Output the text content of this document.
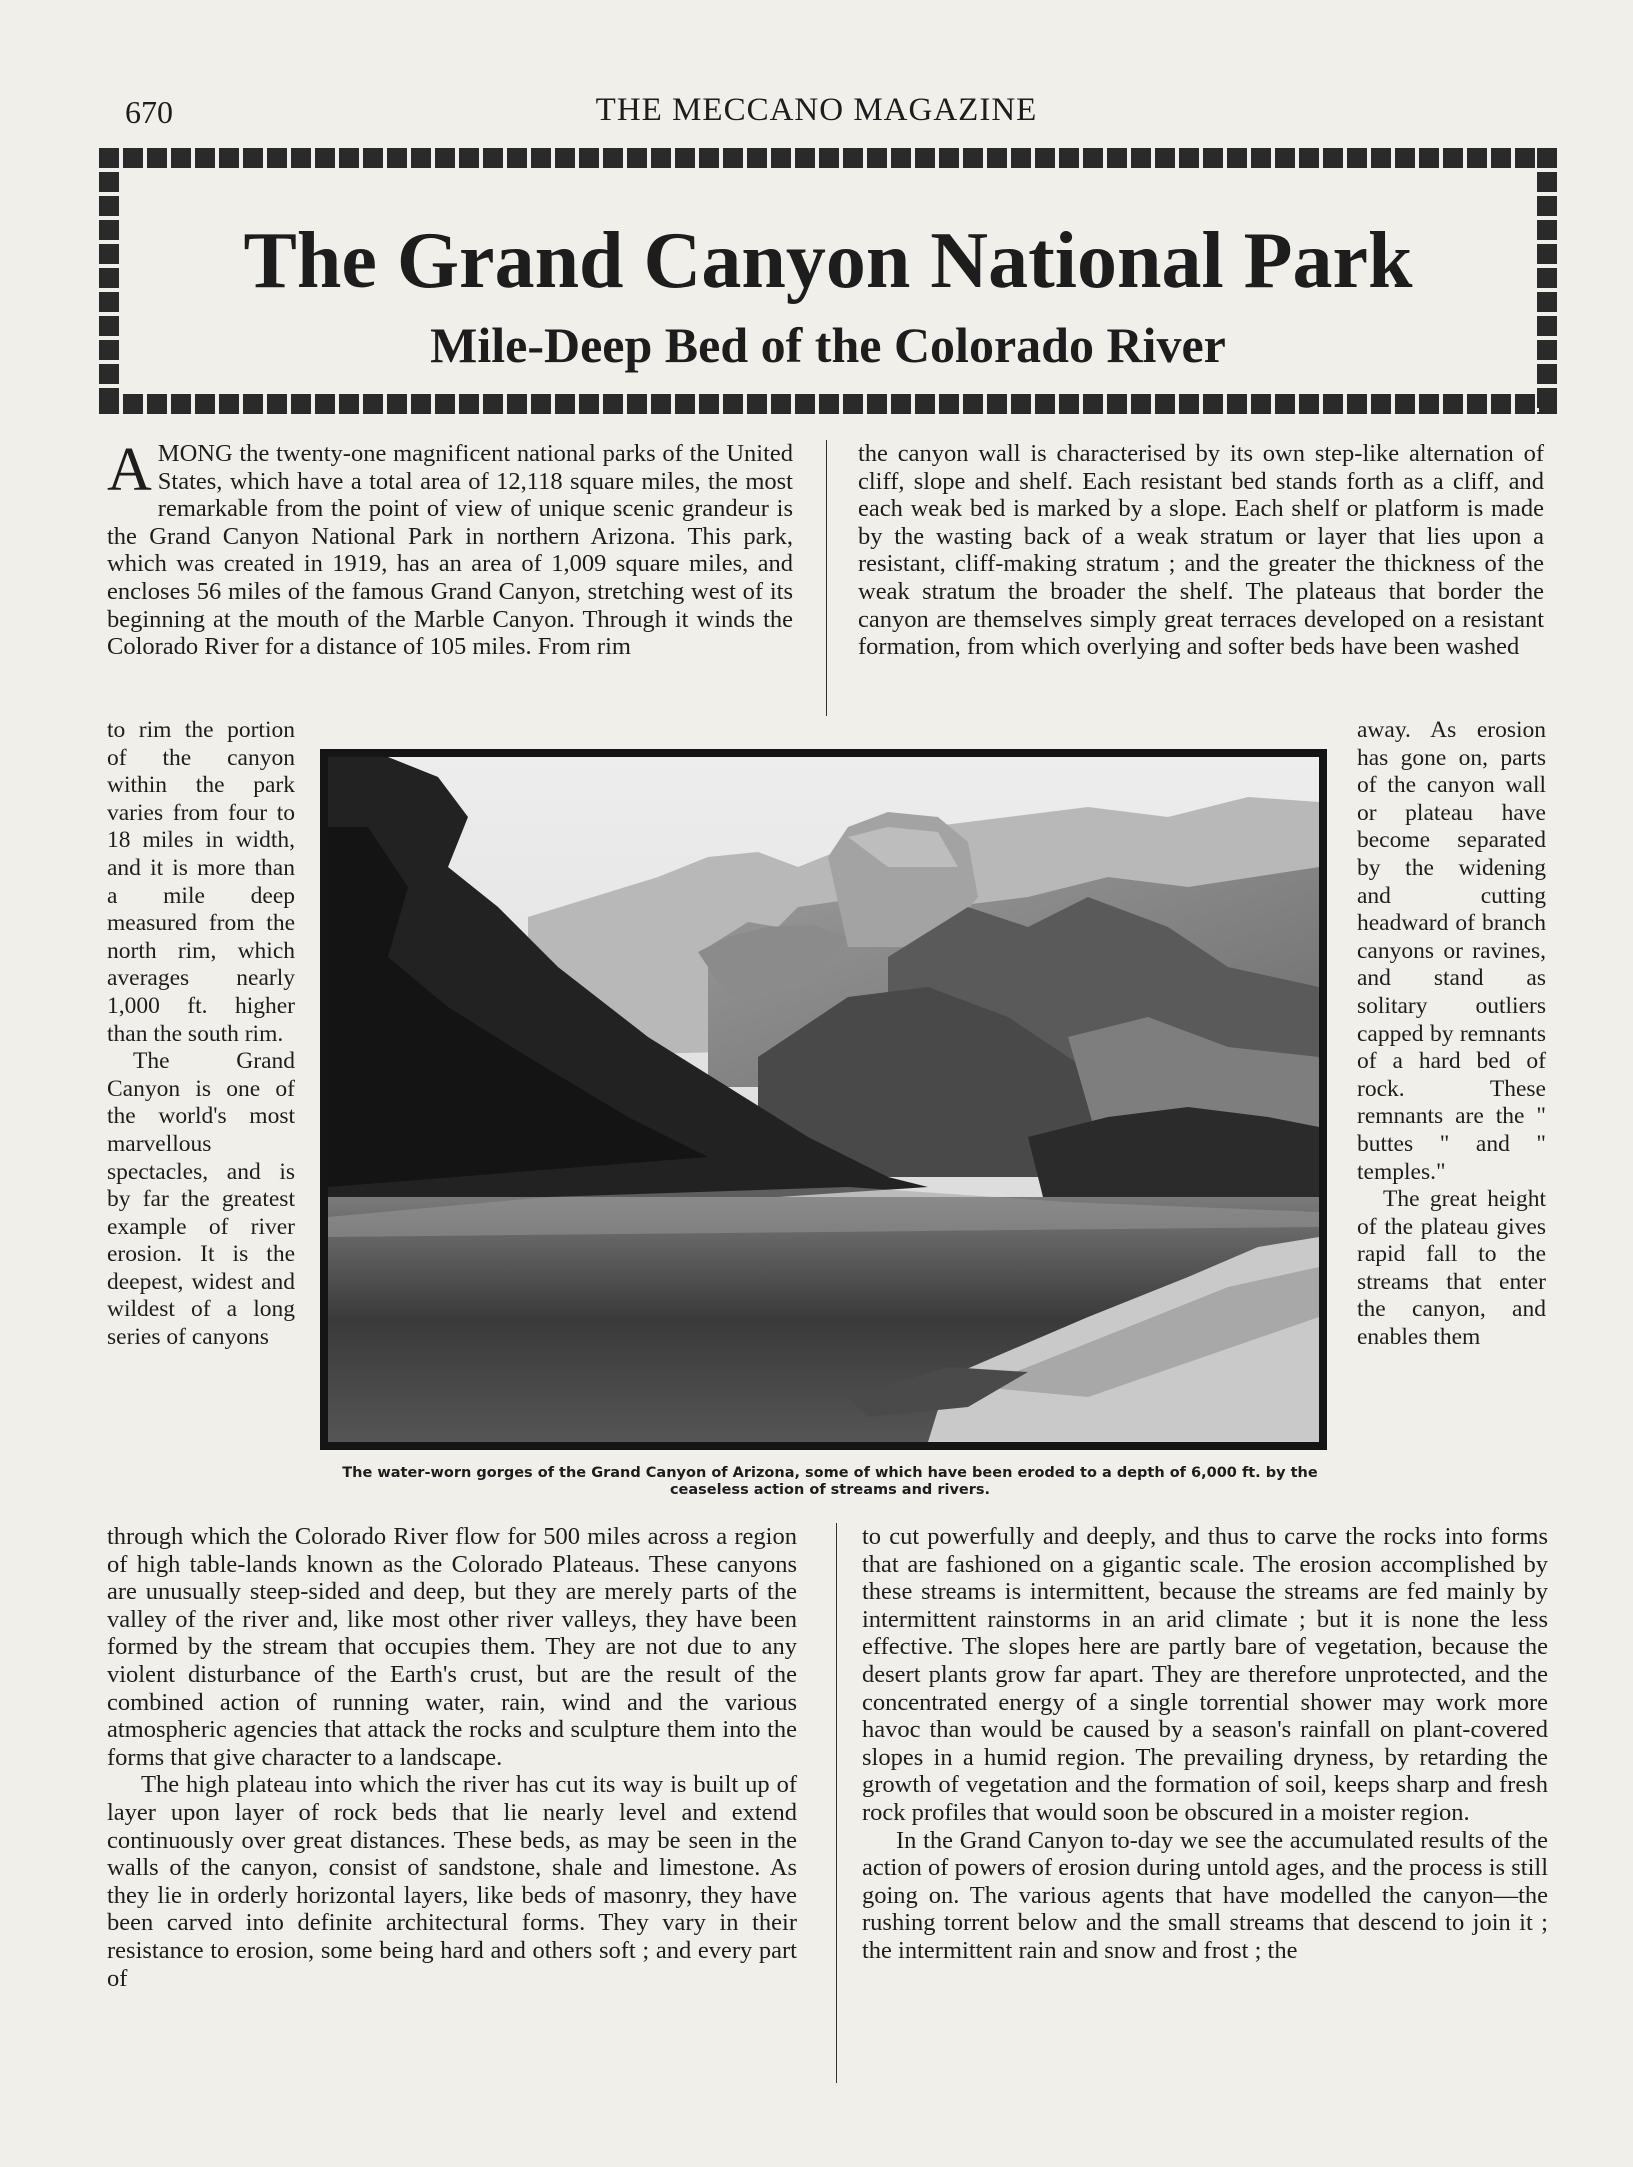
670	THE MECCANO MAGAZINE
The Grand Canyon National Park
Mile-Deep Bed of the Colorado River
AMONG the twenty-one magnificent national parks of the United States, which have a total area of 12,118 square miles, the most remarkable from the point of view of unique scenic grandeur is the Grand Canyon National Park in northern Arizona. This park, which was created in 1919, has an area of 1,009 square miles, and encloses 56 miles of the famous Grand Canyon, stretching west of its beginning at the mouth of the Marble Canyon. Through it winds the Colorado River for a distance of 105 miles. From rim

to rim the portion of the canyon within the park varies from four to 18 miles in width, and it is more than a mile deep measured from the north rim, which averages nearly 1,000 ft. higher than the south rim.

The Grand Canyon is one of the world's most marvellous spectacles, and is by far the greatest example of river erosion. It is the deepest, widest and wildest of a long series of canyons

through which the Colorado River flow for 500 miles across a region of high table-lands known as the Colorado Plateaus. These canyons are unusually steep-sided and deep, but they are merely parts of the valley of the river and, like most other river valleys, they have been formed by the stream that occupies them. They are not due to any violent disturbance of the Earth's crust, but are the result of the combined action of running water, rain, wind and the various atmospheric agencies that attack the rocks and sculpture them into the forms that give character to a landscape.

The high plateau into which the river has cut its way is built up of layer upon layer of rock beds that lie nearly level and extend continuously over great distances. These beds, as may be seen in the walls of the canyon, consist of sandstone, shale and limestone. As they lie in orderly horizontal layers, like beds of masonry, they have been carved into definite architectural forms. They vary in their resistance to erosion, some being hard and others soft ; and every part of

the canyon wall is characterised by its own step-like alternation of cliff, slope and shelf. Each resistant bed stands forth as a cliff, and each weak bed is marked by a slope. Each shelf or platform is made by the wasting back of a weak stratum or layer that lies upon a resistant, cliff-making stratum ; and the greater the thickness of the weak stratum the broader the shelf. The plateaus that border the canyon are themselves simply great terraces developed on a resistant formation, from which overlying and softer beds have been washed

away. As erosion has gone on, parts of the canyon wall or plateau have become separated by the widening and cutting headward of branch canyons or ravines, and stand as solitary outliers capped by remnants of a hard bed of rock. These remnants are the " buttes " and " temples."

The great height of the plateau gives rapid fall to the streams that enter the canyon, and enables them

to cut powerfully and deeply, and thus to carve the rocks into forms that are fashioned on a gigantic scale. The erosion accomplished by these streams is intermittent, because the streams are fed mainly by intermittent rainstorms in an arid climate ; but it is none the less effective. The slopes here are partly bare of vegetation, because the desert plants grow far apart. They are therefore unprotected, and the concentrated energy of a single torrential shower may work more havoc than would be caused by a season's rainfall on plant-covered slopes in a humid region. The prevailing dryness, by retarding the growth of vegetation and the formation of soil, keeps sharp and fresh rock profiles that would soon be obscured in a moister region.

In the Grand Canyon to-day we see the accumulated results of the action of powers of erosion during untold ages, and the process is still going on. The various agents that have modelled the canyon—the rushing torrent below and the small streams that descend to join it ; the intermittent rain and snow and frost ; the

The water-worn gorges of the Grand Canyon of Arizona, some of which have been eroded to a depth of 6,000 ft. by the ceaseless action of streams and rivers.
